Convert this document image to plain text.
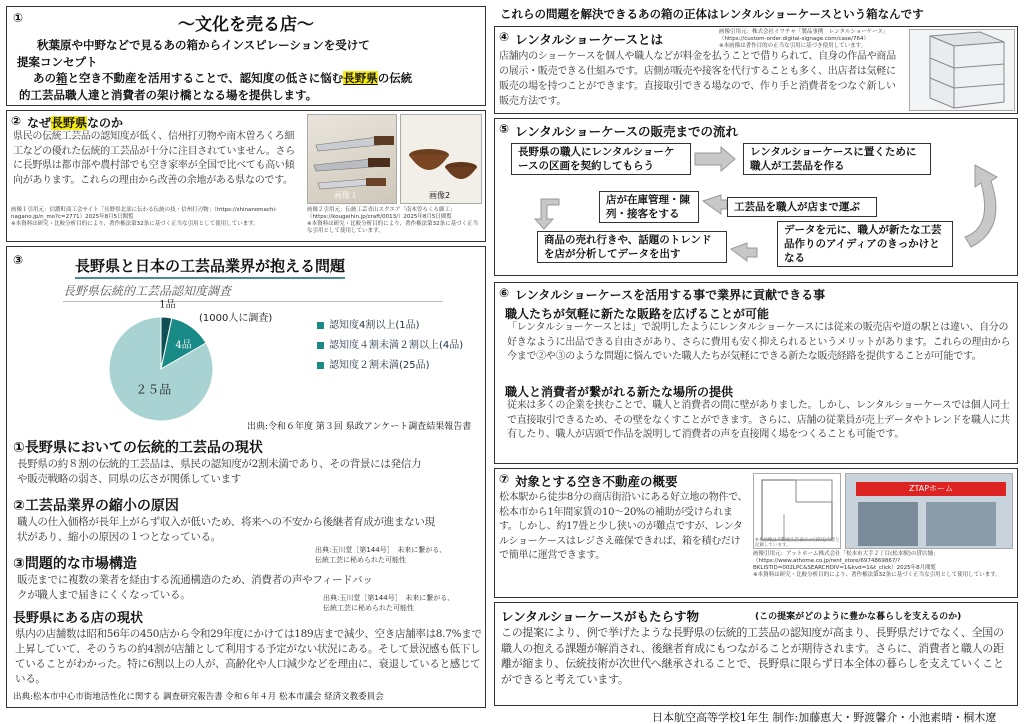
①	～文化を売る店～
秋葉原や中野などで見るあの箱からインスピレーションを受けて
提案コンセプト
あの箱と空き不動産を活用することで、認知度の低さに悩む長野県の伝統
的工芸品職人達と消費者の架け橋となる場を提供します。
② なぜ長野県なのか
県民の伝統工芸品の認知度が低く、信州打刃物や南木曽ろくろ細工などの優れた伝統的工芸品が十分に注目されていません。さらに長野県は都市部や農村部でも空き家率が全国で比べても高い傾向があります。これらの理由から改善の余地がある県なのです。
画像１	画像2
画像１引用元：信濃町商工会サイト「長野県北部に伝わる伝統の技・信州打刃物」（https://shinanomachi-nagano.jp/n_mo?c=2771）2025年8月5日閲覧
※本資料は研究・比較分析目的により、著作権法第32条に基づく正当な引用として使用しています。
画像２引用元：伝統工芸青山スクエア「南木曽ろくろ細工」（https://kougeihin.jp/craft/0013/）2025年8月5日閲覧
※本資料は研究・比較分析目的により、著作権法第32条に基づく正当な引用として使用しています。
③	長野県と日本の工芸品業界が抱える問題
長野県伝統的工芸品認知度調査
1品
4品
２５品
(1000人に調査)
認知度4割以上(1品)
認知度４割未満２割以上(4品)
認知度２割未満(25品)
出典:令和６年度 第３回 県政アンケート調査結果報告書
①長野県においての伝統的工芸品の現状
長野県の約８割の伝統的工芸品は、県民の認知度が2割未満であり、その背景には発信力や販売戦略の弱さ、同県の広さが関係しています
②工芸品業界の縮小の原因
職人の仕入価格が長年上がらず収入が低いため、将来への不安から後継者育成が進まない現状があり、縮小の原因の１つとなっている。
出典:玉川堂［第144号］　未来に繋がる、
伝統工芸に秘められた可能性
③問題的な市場構造
販売までに複数の業者を経由する流通構造のため、消費者の声やフィードバックが職人まで届きにくくなっている。	出典:玉川堂［第144号］　未来に繋がる、
伝統工芸に秘められた可能性
長野県にある店の現状
県内の店舗数は昭和56年の450店から令和29年度にかけては189店まで減少、空き店舗率は8.7%まで上昇していて、そのうちの約4割が店舗として利用する予定がない状況にある。そして景況感も低下していることがわかった。特に6割以上の人が、高齢化や人口減少などを理由に、衰退していると感じている。
出典:松本市中心市街地活性化に関する 調査研究報告書 令和６年４月 松本市議会 経済文教委員会
これらの問題を解決できるあの箱の正体はレンタルショーケースという箱なんです
④ レンタルショーケースとは	画像引用元：株式会社イワチャ「製品事例　レンタルショーケース」
（https://custom-order.digital-signage.com/case/764）
※本画像は著作目的の正当な引用に基づき使用しています。
店舗内のショーケースを個人や職人などが料金を払うことで借りられて、自身の作品や商品の展示・販売できる仕組みです。店側が販売や接客を代行することも多く、出店者は気軽に販売の場を持つことができます。直接取引できる場なので、作り手と消費者をつなぐ新しい販売方法です。
⑤ レンタルショーケースの販売までの流れ
長野県の職人にレンタルショーケースの区画を契約してもらう
レンタルショーケースに置くために職人が工芸品を作る
工芸品を職人が店まで運ぶ
店が在庫管理・陳列・接客をする
商品の売れ行きや、話題のトレンドを店が分析してデータを出す
データを元に、職人が新たな工芸品作りのアイディアのきっかけとなる
⑥ レンタルショーケースを活用する事で業界に貢献できる事
職人たちが気軽に新たな販路を広げることが可能
「レンタルショーケースとは」で説明したようにレンタルショーケースには従来の販売店や道の駅とは違い、自分の好きなように出品できる自由さがあり、さらに費用も安く抑えられるというメリットがあります。これらの理由から今まで②や③のような問題に悩んでいた職人たちが気軽にできる新たな販売経路を提供することが可能です。
職人と消費者が繋がれる新たな場所の提供
従来は多くの企業を挟むことで、職人と消費者の間に壁がありました。しかし、レンタルショーケースでは個人同士で直接取引できるため、その壁をなくすことができます。さらに、店舗の従業員が売上データやトレンドを職人に共有したり、職人が店頭で作品を説明して消費者の声を直接聞く場をつくることも可能です。
⑦ 対象とする空き不動産の概要
松本駅から徒歩8分の商店街沿いにある好立地の物件で、松本市から1年間家賃の10～20%の補助が受けられます。しかし、約17畳と少し狭いのが難点ですが、レンタルショーケースはレジさえ確保できれば、箱を積むだけで簡単に運営できます。
※本画像は不動産広告表示の目的を内容と記載しています。
ZTAPホーム
画像引用元：アットホーム株式会社「松本市大手２丁目(松本駅)の貸店舗」（https://www.athome.co.jp/rent_store/6974869867/?BKLISTID=002LPC&SEARCHDIV=1&kvd=1&t_click）2025年8月閲覧
※本資料は研究・比較分析目的により、著作権法第32条に基づく正当な引用として使用しています。
レンタルショーケースがもたらす物	(この提案がどのように豊かな暮らしを支えるのか)
この提案により、例で挙げたような長野県の伝統的工芸品の認知度が高まり、長野県だけでなく、全国の職人の抱える課題が解消され、後継者育成にもつながることが期待されます。さらに、消費者と職人の距離が縮まり、伝統技術が次世代へ継承されることで、長野県に限らず日本全体の暮らしを支えていくことができると考えています。
日本航空高等学校1年生 制作:加藤恵大・野渡馨介・小池素晴・桐木遼
